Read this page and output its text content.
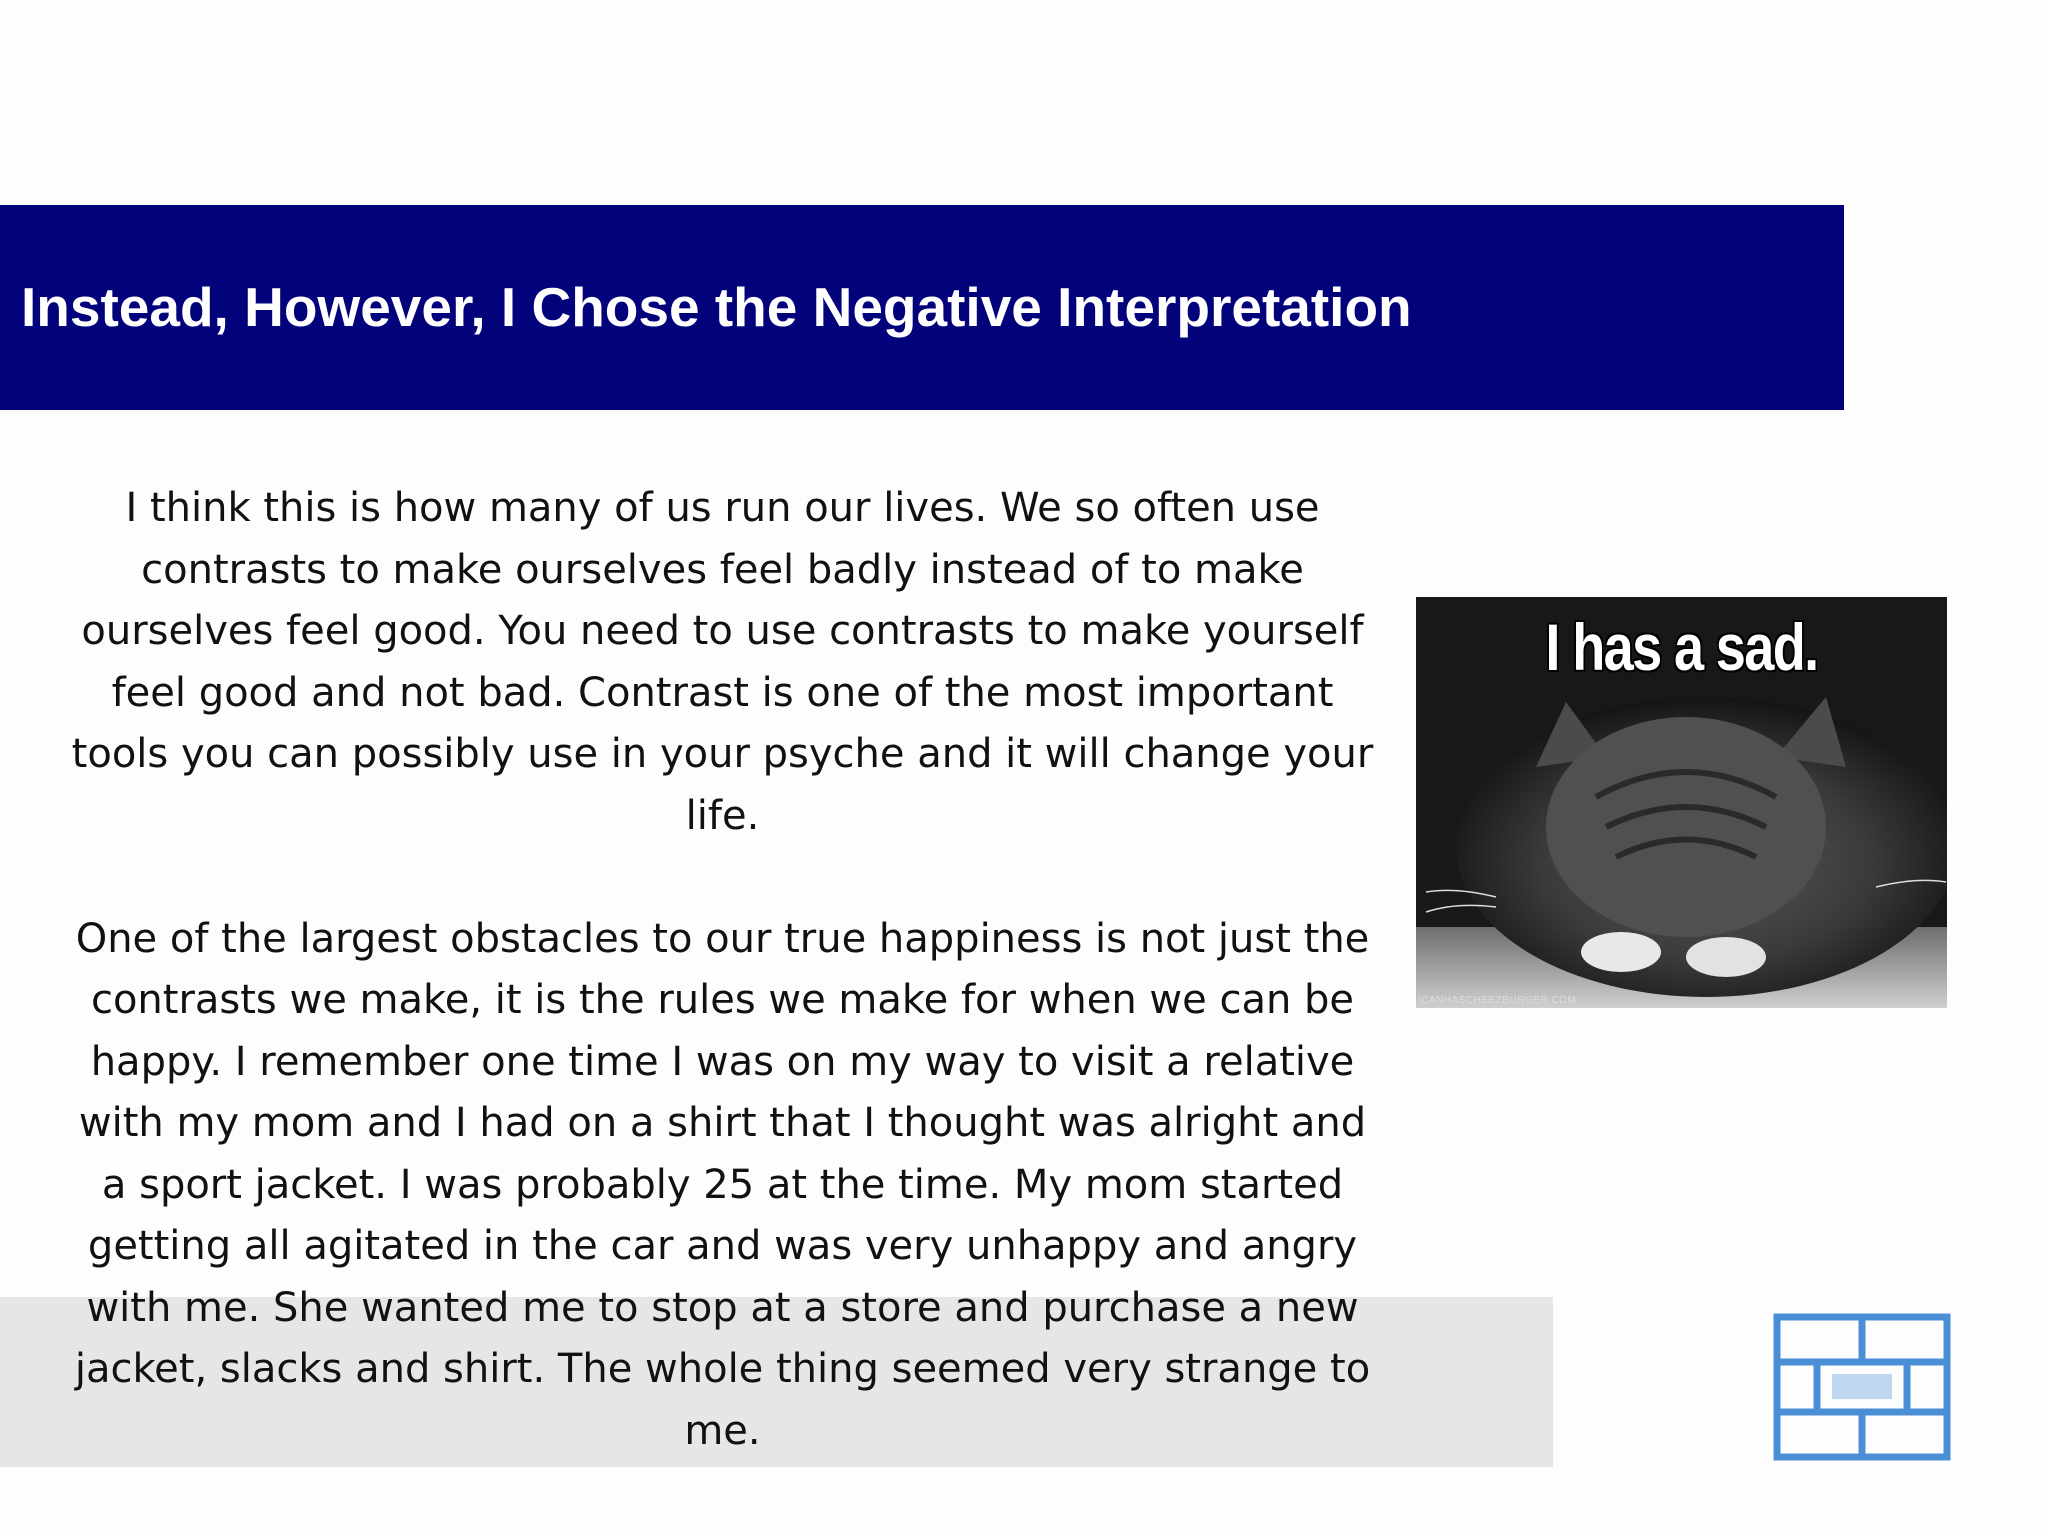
Instead, However, I Chose the Negative Interpretation

I think this is how many of us run our lives. We so often use contrasts to make ourselves feel badly instead of to make ourselves feel good. You need to use contrasts to make yourself feel good and not bad. Contrast is one of the most important tools you can possibly use in your psyche and it will change your life.

One of the largest obstacles to our true happiness is not just the contrasts we make, it is the rules we make for when we can be happy. I remember one time I was on my way to visit a relative with my mom and I had on a shirt that I thought was alright and a sport jacket. I was probably 25 at the time. My mom started getting all agitated in the car and was very unhappy and angry with me. She wanted me to stop at a store and purchase a new jacket, slacks and shirt. The whole thing seemed very strange to me.

I has a sad.
ICANHASCHEEZBURGER.COM
